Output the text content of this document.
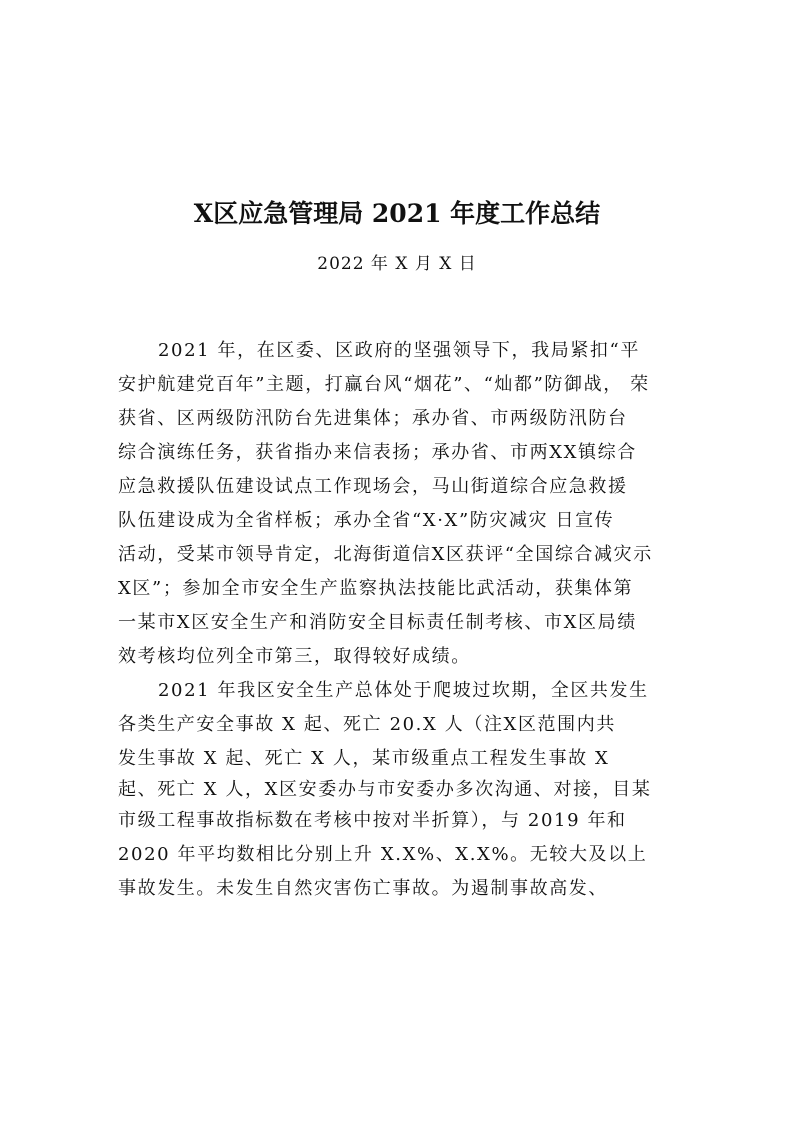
X区应急管理局 2021 年度工作总结
2022 年 X 月 X 日
2021 年，在区委、区政府的坚强领导下，我局紧扣“平
安护航建党百年”主题，打赢台风“烟花”、“灿都”防御战， 荣
获省、区两级防汛防台先进集体；承办省、市两级防汛防台
综合演练任务，获省指办来信表扬；承办省、市两XX镇综合
应急救援队伍建设试点工作现场会，马山街道综合应急救援
队伍建设成为全省样板；承办全省“X·X”防灾减灾 日宣传
活动，受某市领导肯定，北海街道信X区获评“全国综合减灾示
X区”；参加全市安全生产监察执法技能比武活动，获集体第
一某市X区安全生产和消防安全目标责任制考核、市X区局绩
效考核均位列全市第三，取得较好成绩。
2021 年我区安全生产总体处于爬坡过坎期，全区共发生
各类生产安全事故 X 起、死亡 20.X 人（注X区范围内共
发生事故 X 起、死亡 X 人，某市级重点工程发生事故 X
起、死亡 X 人，X区安委办与市安委办多次沟通、对接，目某
市级工程事故指标数在考核中按对半折算），与 2019 年和
2020 年平均数相比分别上升 X.X%、X.X%。无较大及以上
事故发生。未发生自然灾害伤亡事故。为遏制事故高发、
